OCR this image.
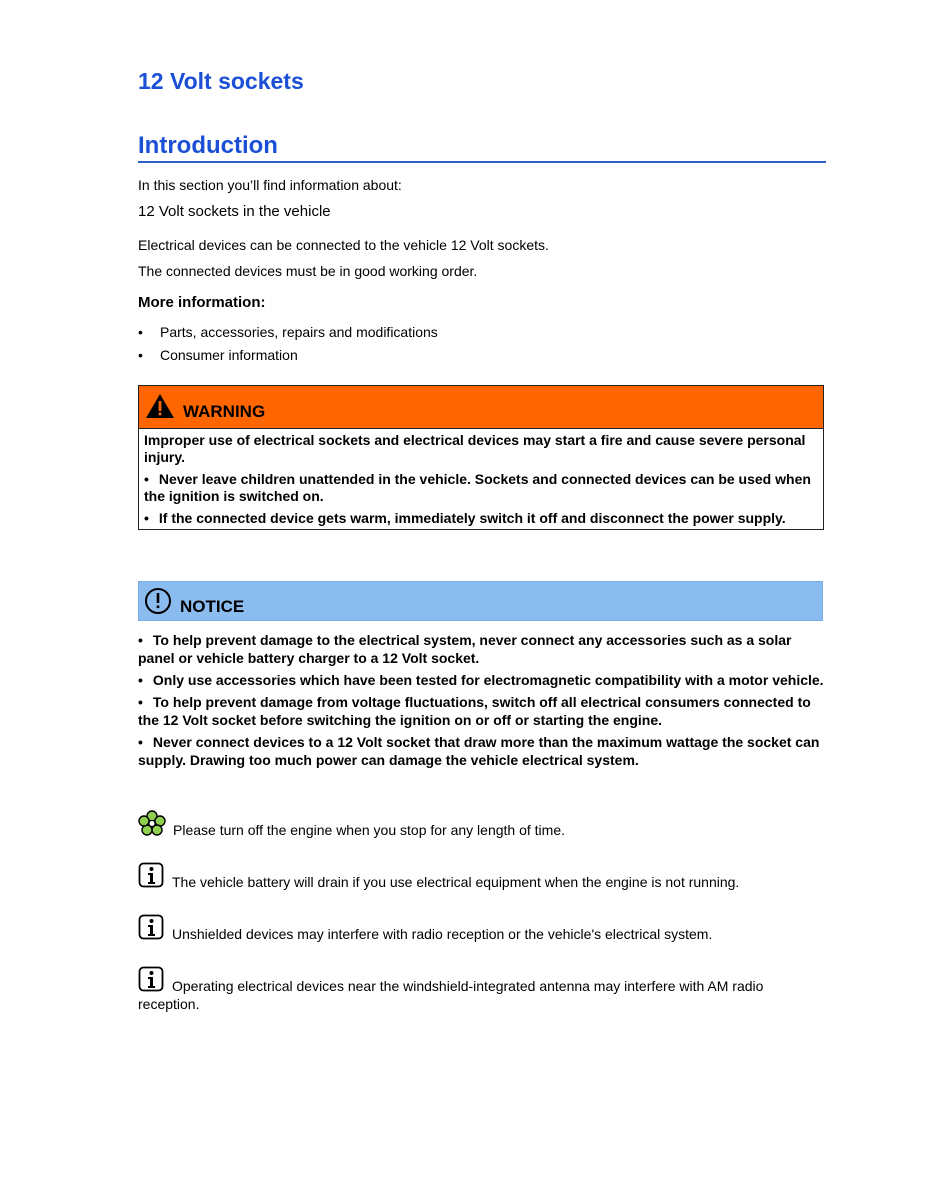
12 Volt sockets
Introduction

In this section you’ll find information about:

12 Volt sockets in the vehicle

Electrical devices can be connected to the vehicle 12 Volt sockets.

The connected devices must be in good working order.

More information:

• Parts, accessories, repairs and modifications
• Consumer information
WARNING

Improper use of electrical sockets and electrical devices may start a fire and cause severe personal injury.

• Never leave children unattended in the vehicle. Sockets and connected devices can be used when the ignition is switched on.

• If the connected device gets warm, immediately switch it off and disconnect the power supply.

NOTICE

• To help prevent damage to the electrical system, never connect any accessories such as a solar panel or vehicle battery charger to a 12 Volt socket.

• Only use accessories which have been tested for electromagnetic compatibility with a motor vehicle.

• To help prevent damage from voltage fluctuations, switch off all electrical consumers connected to the 12 Volt socket before switching the ignition on or off or starting the engine.

• Never connect devices to a 12 Volt socket that draw more than the maximum wattage the socket can supply. Drawing too much power can damage the vehicle electrical system.

Please turn off the engine when you stop for any length of time.
The vehicle battery will drain if you use electrical equipment when the engine is not running.
Unshielded devices may interfere with radio reception or the vehicle's electrical system.
Operating electrical devices near the windshield-integrated antenna may interfere with AM radio reception.
